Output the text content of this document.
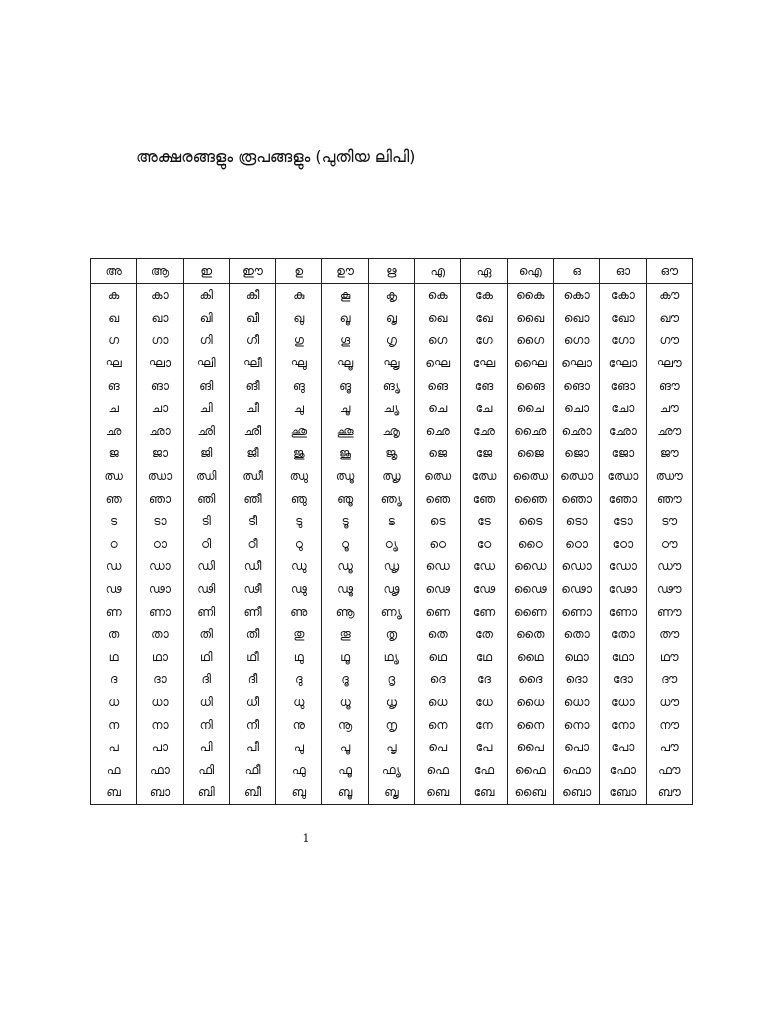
അക്ഷരങ്ങളും രൂപങ്ങളും (പുതിയ ലിപി)
അ	ആ	ഇ	ഈ	ഉ	ഊ	ഋ	എ	ഏ	ഐ	ഒ	ഓ	ഔ
ക	കാ	കി	കീ	കു	കൂ	കൃ	കെ	കേ	കൈ	കൊ	കോ	കൗ
ഖ	ഖാ	ഖി	ഖീ	ഖു	ഖൂ	ഖൃ	ഖെ	ഖേ	ഖൈ	ഖൊ	ഖോ	ഖൗ
ഗ	ഗാ	ഗി	ഗീ	ഗു	ഗൂ	ഗൃ	ഗെ	ഗേ	ഗൈ	ഗൊ	ഗോ	ഗൗ
ഘ	ഘാ	ഘി	ഘീ	ഘു	ഘൂ	ഘൃ	ഘെ	ഘേ	ഘൈ	ഘൊ	ഘോ	ഘൗ
ങ	ങാ	ങി	ങീ	ങു	ങൂ	ങൃ	ങെ	ങേ	ങൈ	ങൊ	ങോ	ങൗ
ച	ചാ	ചി	ചീ	ചു	ചൂ	ചൃ	ചെ	ചേ	ചൈ	ചൊ	ചോ	ചൗ
ഛ	ഛാ	ഛി	ഛീ	ഛു	ഛൂ	ഛൃ	ഛെ	ഛേ	ഛൈ	ഛൊ	ഛോ	ഛൗ
ജ	ജാ	ജി	ജീ	ജു	ജൂ	ജൃ	ജെ	ജേ	ജൈ	ജൊ	ജോ	ജൗ
ഝ	ഝാ	ഝി	ഝീ	ഝു	ഝൂ	ഝൃ	ഝെ	ഝേ	ഝൈ	ഝൊ	ഝോ	ഝൗ
ഞ	ഞാ	ഞി	ഞീ	ഞു	ഞൂ	ഞൃ	ഞെ	ഞേ	ഞൈ	ഞൊ	ഞോ	ഞൗ
ട	ടാ	ടി	ടീ	ടു	ടൂ	ടൃ	ടെ	ടേ	ടൈ	ടൊ	ടോ	ടൗ
ഠ	ഠാ	ഠി	ഠീ	ഠു	ഠൂ	ഠൃ	ഠെ	ഠേ	ഠൈ	ഠൊ	ഠോ	ഠൗ
ഡ	ഡാ	ഡി	ഡീ	ഡു	ഡൂ	ഡൃ	ഡെ	ഡേ	ഡൈ	ഡൊ	ഡോ	ഡൗ
ഢ	ഢാ	ഢി	ഢീ	ഢു	ഢൂ	ഢൃ	ഢെ	ഢേ	ഢൈ	ഢൊ	ഢോ	ഢൗ
ണ	ണാ	ണി	ണീ	ണു	ണൂ	ണൃ	ണെ	ണേ	ണൈ	ണൊ	ണോ	ണൗ
ത	താ	തി	തീ	തു	തൂ	തൃ	തെ	തേ	തൈ	തൊ	തോ	തൗ
ഥ	ഥാ	ഥി	ഥീ	ഥു	ഥൂ	ഥൃ	ഥെ	ഥേ	ഥൈ	ഥൊ	ഥോ	ഥൗ
ദ	ദാ	ദി	ദീ	ദു	ദൂ	ദൃ	ദെ	ദേ	ദൈ	ദൊ	ദോ	ദൗ
ധ	ധാ	ധി	ധീ	ധു	ധൂ	ധൃ	ധെ	ധേ	ധൈ	ധൊ	ധോ	ധൗ
ന	നാ	നി	നീ	നു	നൂ	നൃ	നെ	നേ	നൈ	നൊ	നോ	നൗ
പ	പാ	പി	പീ	പു	പൂ	പൃ	പെ	പേ	പൈ	പൊ	പോ	പൗ
ഫ	ഫാ	ഫി	ഫീ	ഫു	ഫൂ	ഫൃ	ഫെ	ഫേ	ഫൈ	ഫൊ	ഫോ	ഫൗ
ബ	ബാ	ബി	ബീ	ബു	ബൂ	ബൃ	ബെ	ബേ	ബൈ	ബൊ	ബോ	ബൗ
1
